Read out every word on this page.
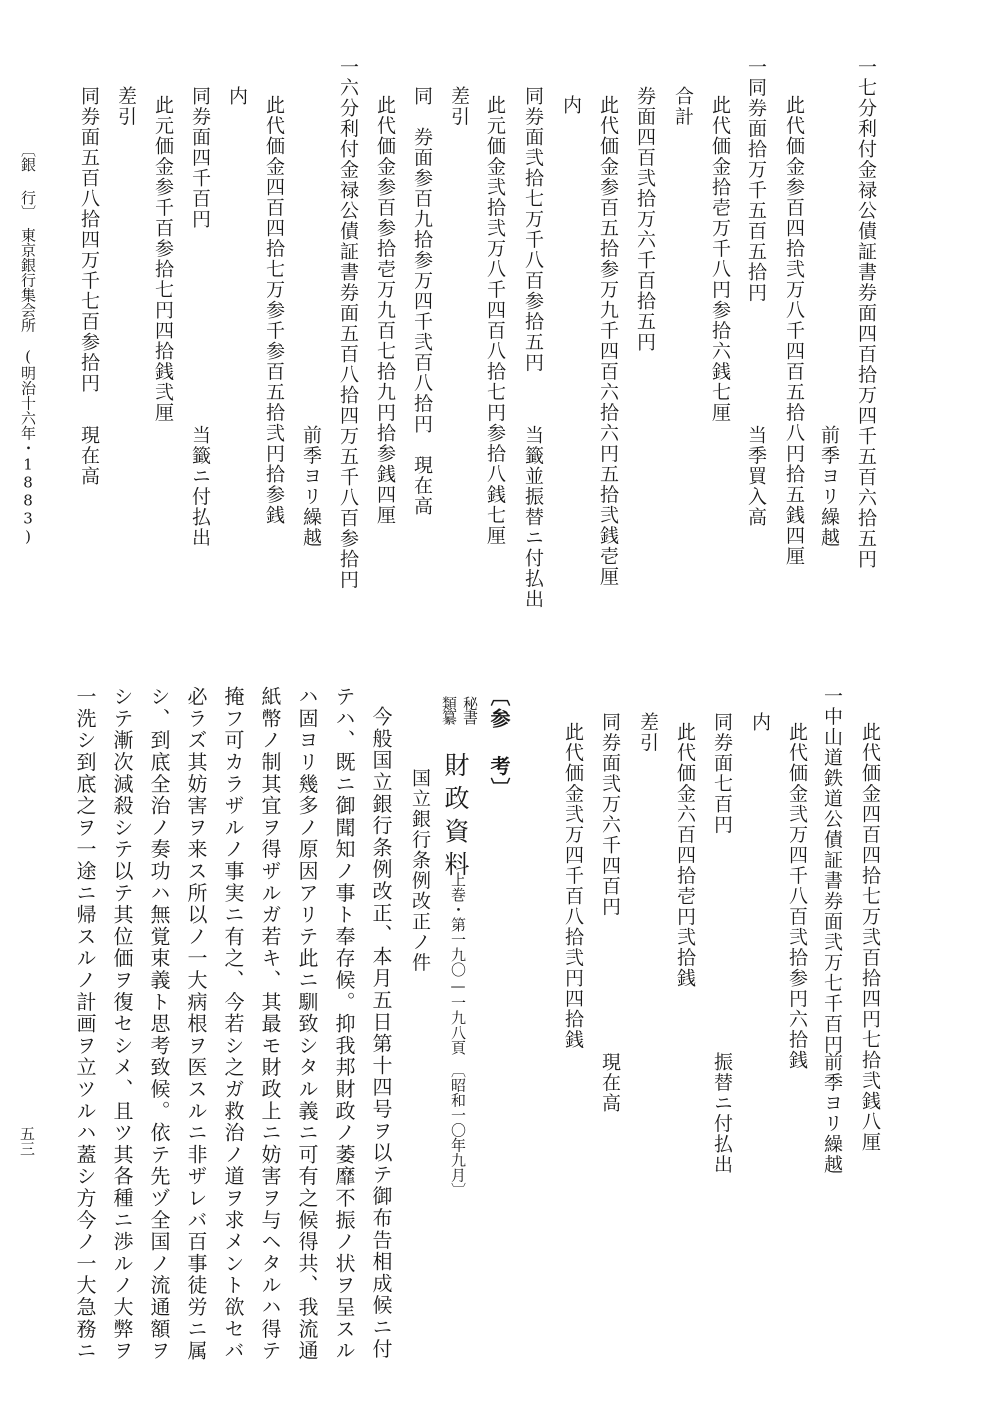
一七分利付金禄公債証書券面四百拾万四千五百六拾五円

前季ヨリ繰越

此代価金参百四拾弐万八千四百五拾八円拾五銭四厘

一同券面拾万千五百五拾円

当季買入高

此代価金拾壱万千八円参拾六銭七厘

合計

券面四百弐拾万六千百拾五円

此代価金参百五拾参万九千四百六拾六円五拾弐銭壱厘

内

同券面弐拾七万千八百参拾五円

当籤並振替ニ付払出

此元価金弐拾弐万八千四百八拾七円参拾八銭七厘

差引

同　券面参百九拾参万四千弐百八拾円　現在高

此代価金参百参拾壱万九百七拾九円拾参銭四厘

一六分利付金禄公債証書券面五百八拾四万五千八百参拾円

前季ヨリ繰越

此代価金四百四拾七万参千参百五拾弐円拾参銭

内

同券面四千百円

当籤ニ付払出

此元価金参千百参拾七円四拾銭弐厘

差引

同券面五百八拾四万千七百参拾円

現在高

〔銀 行〕　東京銀行集会所　(明治十六年・1883)

此代価金四百四拾七万弐百拾四円七拾弐銭八厘

一中山道鉄道公債証書券面弐万七千百円

前季ヨリ繰越

此代価金弐万四千八百弐拾参円六拾銭

内

同券面七百円

振替ニ付払出

此代価金六百四拾壱円弐拾銭

差引

同券面弐万六千四百円

現在高

此代価金弐万四千百八拾弐円四拾銭

〔参 考〕

秘書
類纂

財政資料

上巻・第一九〇—一九八頁　〔昭和一〇年九月〕

国立銀行条例改正ノ件

今般国立銀行条例改正、本月五日第十四号ヲ以テ御布告相成候ニ付

テハ、既ニ御聞知ノ事ト奉存候。抑我邦財政ノ萎靡不振ノ状ヲ呈スル

ハ固ヨリ幾多ノ原因アリテ此ニ馴致シタル義ニ可有之候得共、我流通

紙幣ノ制其宜ヲ得ザルガ若キ、其最モ財政上ニ妨害ヲ与ヘタルハ得テ

掩フ可カラザルノ事実ニ有之、今若シ之ガ救治ノ道ヲ求メント欲セバ

必ラズ其妨害ヲ来ス所以ノ一大病根ヲ医スルニ非ザレバ百事徒労ニ属

シ、到底全治ノ奏功ハ無覚束義ト思考致候。依テ先ヅ全国ノ流通額ヲ

シテ漸次減殺シテ以テ其位価ヲ復セシメ、且ツ其各種ニ渉ルノ大弊ヲ

一洗シ到底之ヲ一途ニ帰スルノ計画ヲ立ツルハ蓋シ方今ノ一大急務ニ

五三
